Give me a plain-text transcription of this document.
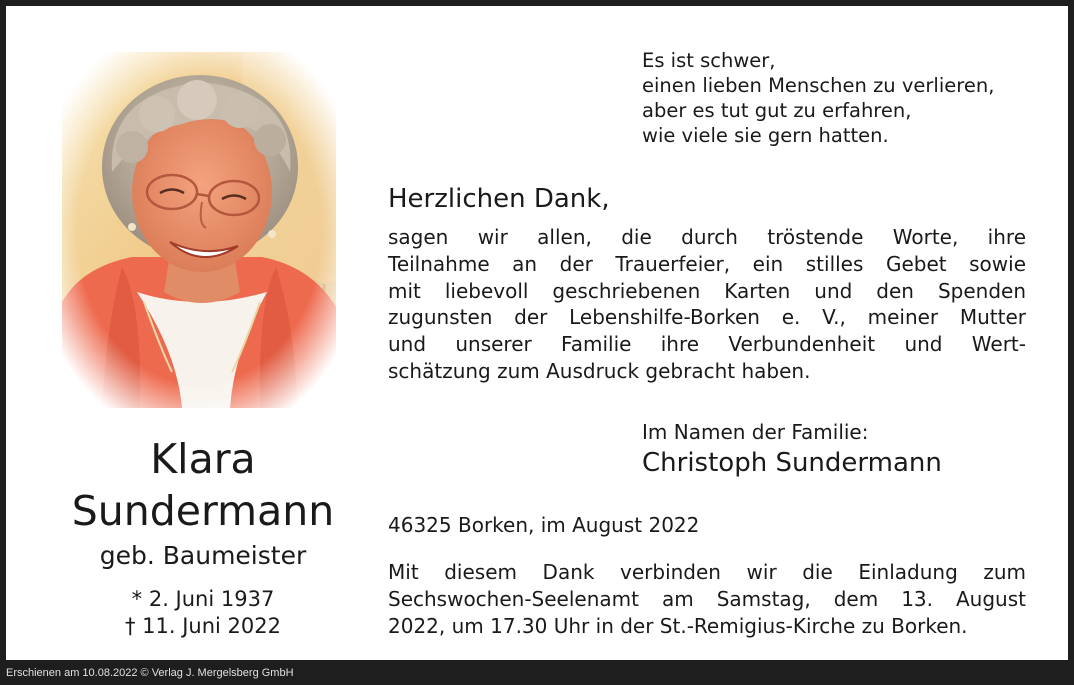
Klara
Sundermann
geb. Baumeister
* 2. Juni 1937
† 11. Juni 2022
Es ist schwer,
einen lieben Menschen zu verlieren,
aber es tut gut zu erfahren,
wie viele sie gern hatten.
Herzlichen Dank,
sagen wir allen, die durch tröstende Worte, ihre
Teilnahme an der Trauerfeier, ein stilles Gebet sowie
mit liebevoll geschriebenen Karten und den Spenden
zugunsten der Lebenshilfe-Borken e. V., meiner Mutter
und unserer Familie ihre Verbundenheit und Wert-
schätzung zum Ausdruck gebracht haben.
Im Namen der Familie:
Christoph Sundermann
46325 Borken, im August 2022
Mit diesem Dank verbinden wir die Einladung zum
Sechswochen-Seelenamt am Samstag, dem 13. August
2022, um 17.30 Uhr in der St.-Remigius-Kirche zu Borken.
Erschienen am 10.08.2022 © Verlag J. Mergelsberg GmbH
